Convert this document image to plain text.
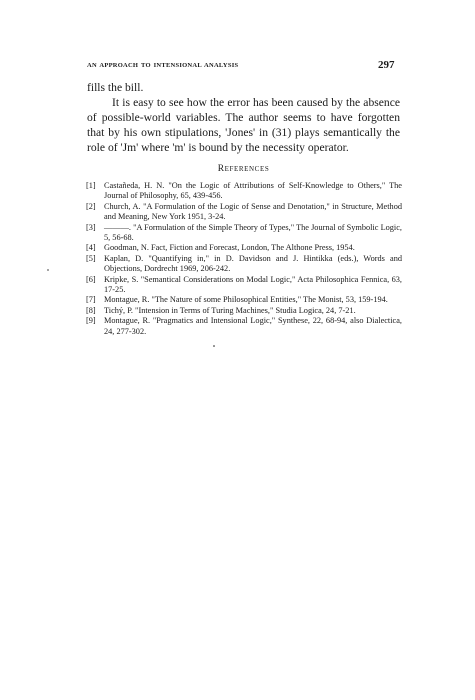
AN APPROACH TO INTENSIONAL ANALYSIS	297

fills the bill.

It is easy to see how the error has been caused by the absence of possible-world variables. The author seems to have forgotten that by his own stipulations, 'Jones' in (31) plays semantically the role of 'Jm' where 'm' is bound by the necessity operator.

References
[1]	Castañeda, H. N. "On the Logic of Attributions of Self-Knowledge to Others," The Journal of Philosophy, 65, 439-456.
[2]	Church, A. "A Formulation of the Logic of Sense and Denotation," in Structure, Method and Meaning, New York 1951, 3-24.
[3]	———. "A Formulation of the Simple Theory of Types," The Journal of Symbolic Logic, 5, 56-68.
[4]	Goodman, N. Fact, Fiction and Forecast, London, The Althone Press, 1954.
[5]	Kaplan, D. "Quantifying in," in D. Davidson and J. Hintikka (eds.), Words and Objections, Dordrecht 1969, 206-242.
[6]	Kripke, S. "Semantical Considerations on Modal Logic," Acta Philosophica Fennica, 63, 17-25.
[7]	Montague, R. "The Nature of some Philosophical Entities," The Monist, 53, 159-194.
[8]	Tichý, P. "Intension in Terms of Turing Machines," Studia Logica, 24, 7-21.
[9]	Montague, R. "Pragmatics and Intensional Logic," Synthese, 22, 68-94, also Dialectica, 24, 277-302.
